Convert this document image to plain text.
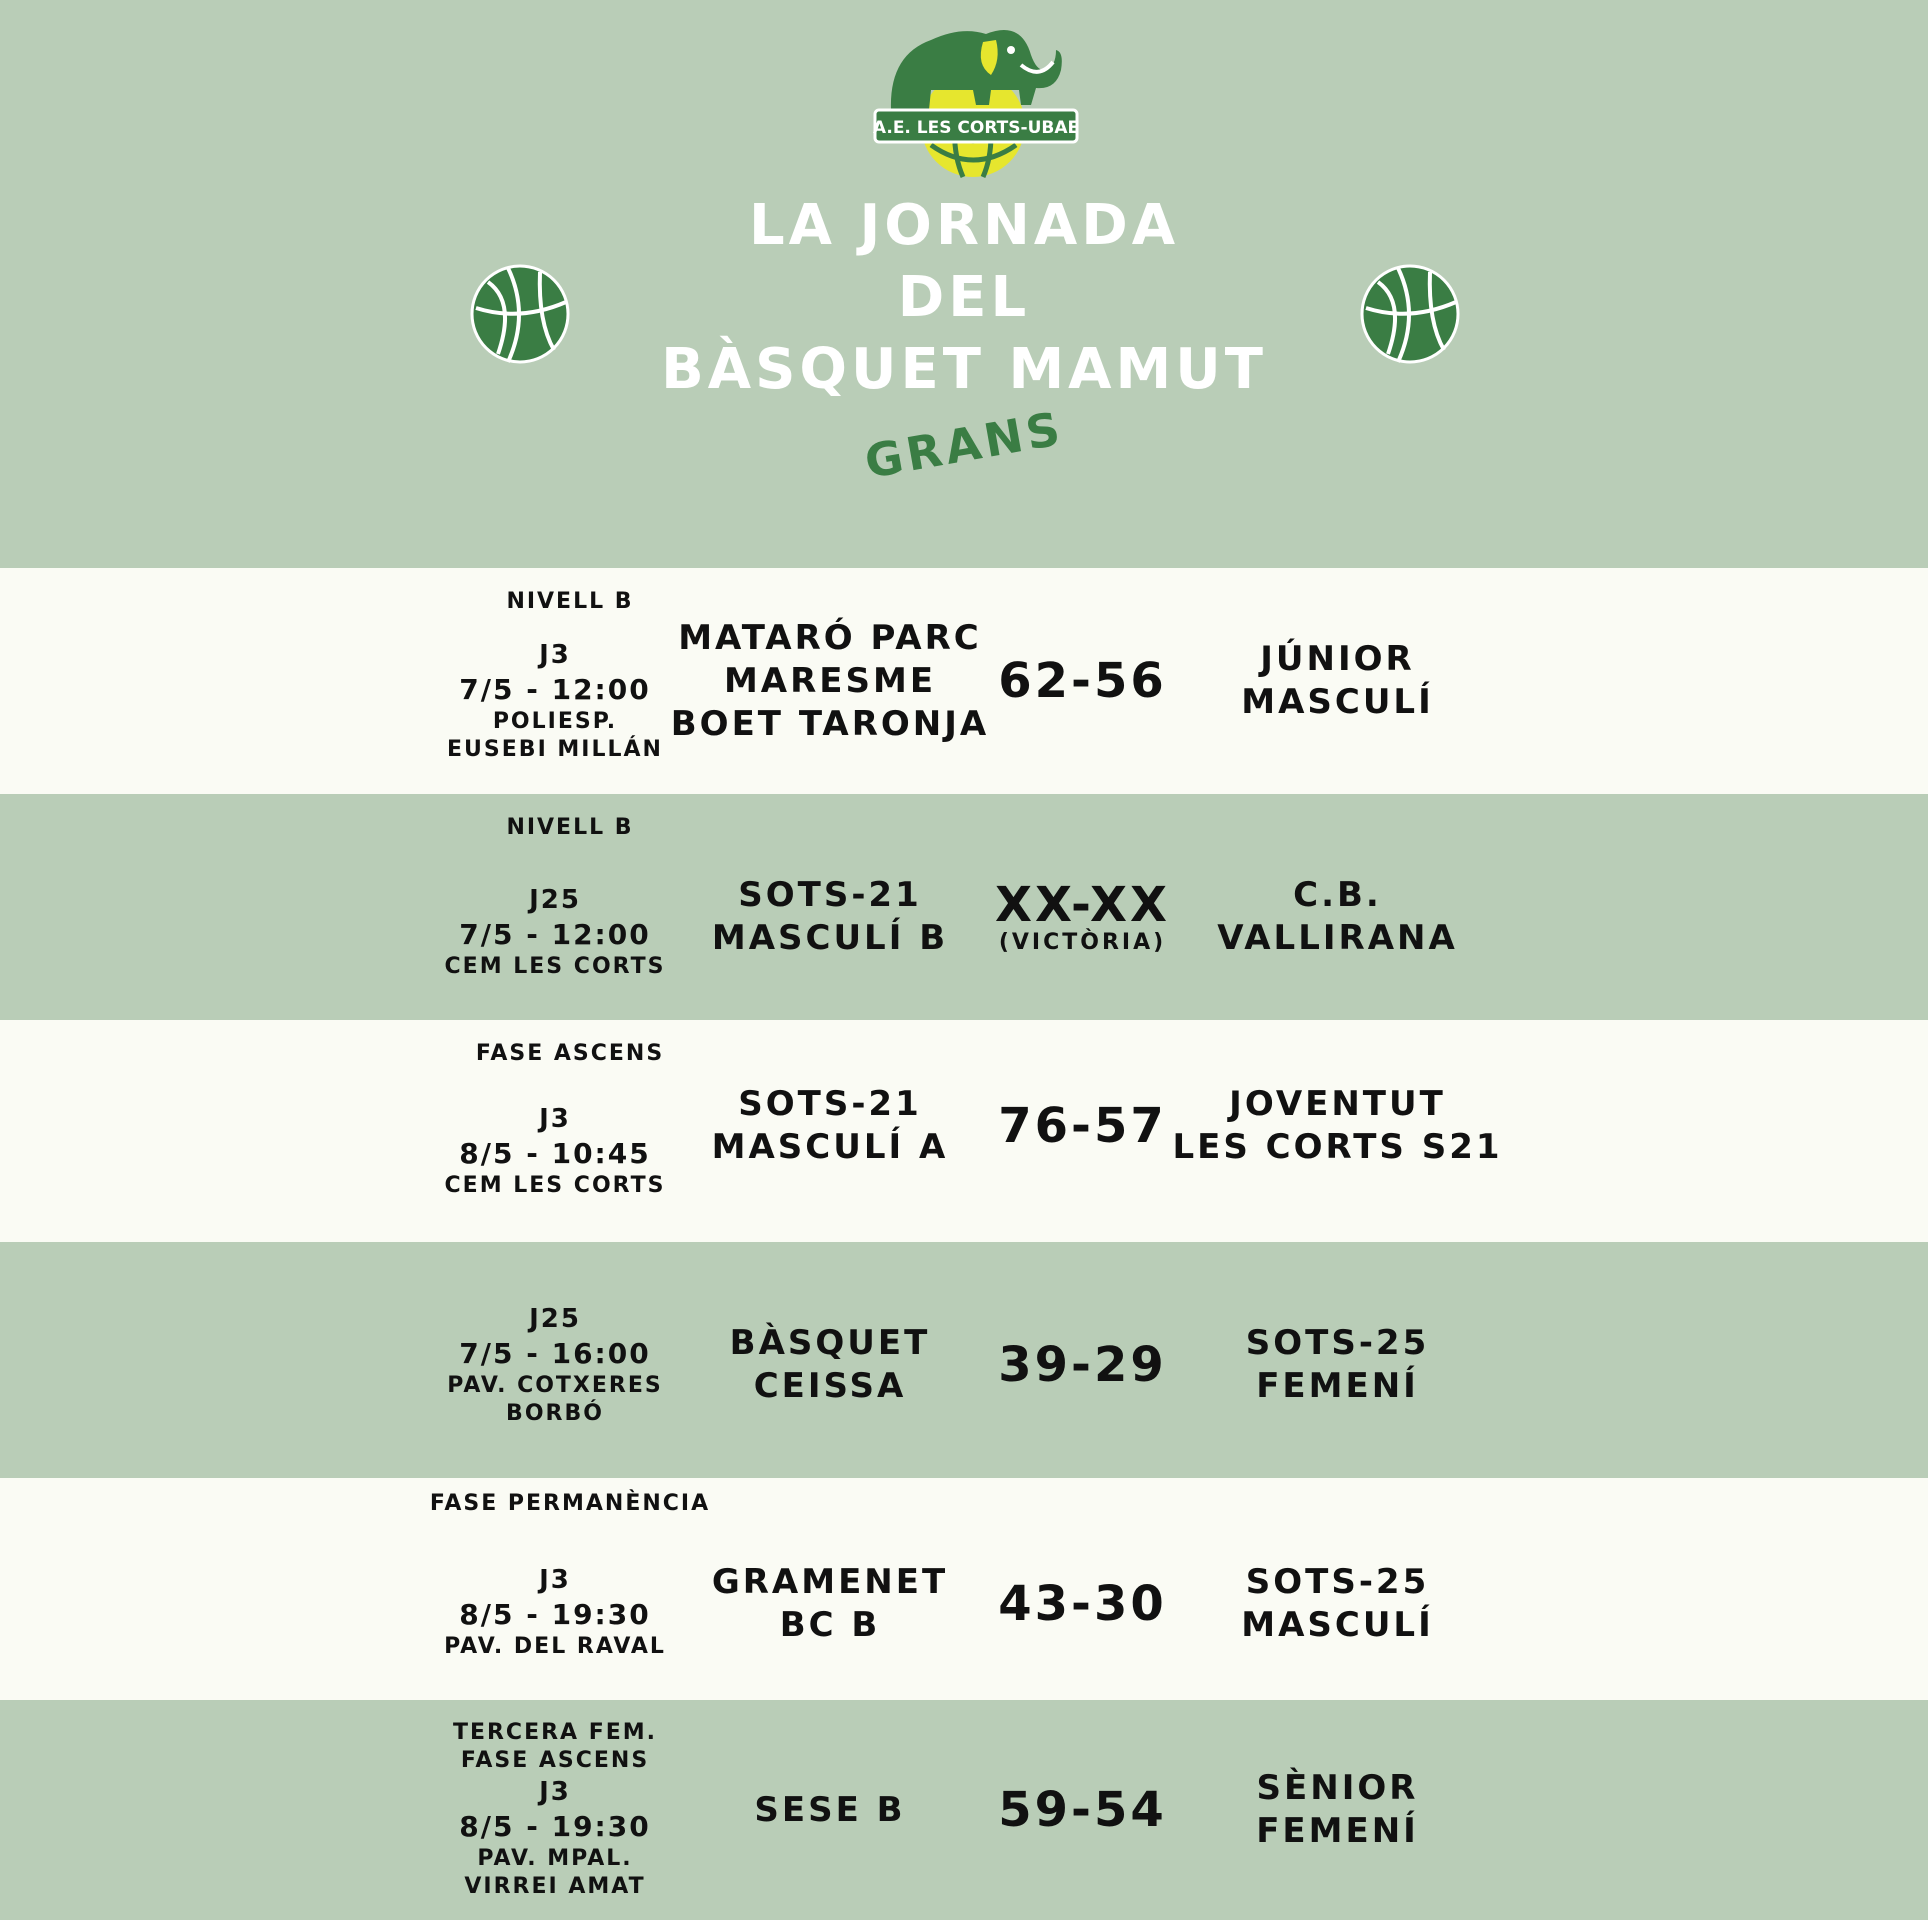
A.E. LES CORTS-UBAE
LA JORNADA
DEL
BÀSQUET MAMUT
GRANS
NIVELL B
J3
7/5 - 12:00
POLIESP.
EUSEBI MILLÁN
MATARÓ PARC
MARESME
BOET TARONJA
62-56	JÚNIOR
MASCULÍ
NIVELL B
J25
7/5 - 12:00
CEM LES CORTS
SOTS-21
MASCULÍ B
XX-XX
(VICTÒRIA)
C.B.
VALLIRANA
FASE ASCENS
J3
8/5 - 10:45
CEM LES CORTS
SOTS-21
MASCULÍ A 76-57 JOVENTUT
LES CORTS S21
J25
7/5 - 16:00
PAV. COTXERES
BORBÓ
BÀSQUET
CEISSA 39-29 SOTS-25
FEMENÍ
FASE PERMANÈNCIA
J3
8/5 - 19:30
PAV. DEL RAVAL
GRAMENET
BC B 43-30 SOTS-25
MASCULÍ
TERCERA FEM.
FASE ASCENS
J3
8/5 - 19:30
PAV. MPAL.
VIRREI AMAT
SESE B 59-54	SÈNIOR
FEMENÍ
